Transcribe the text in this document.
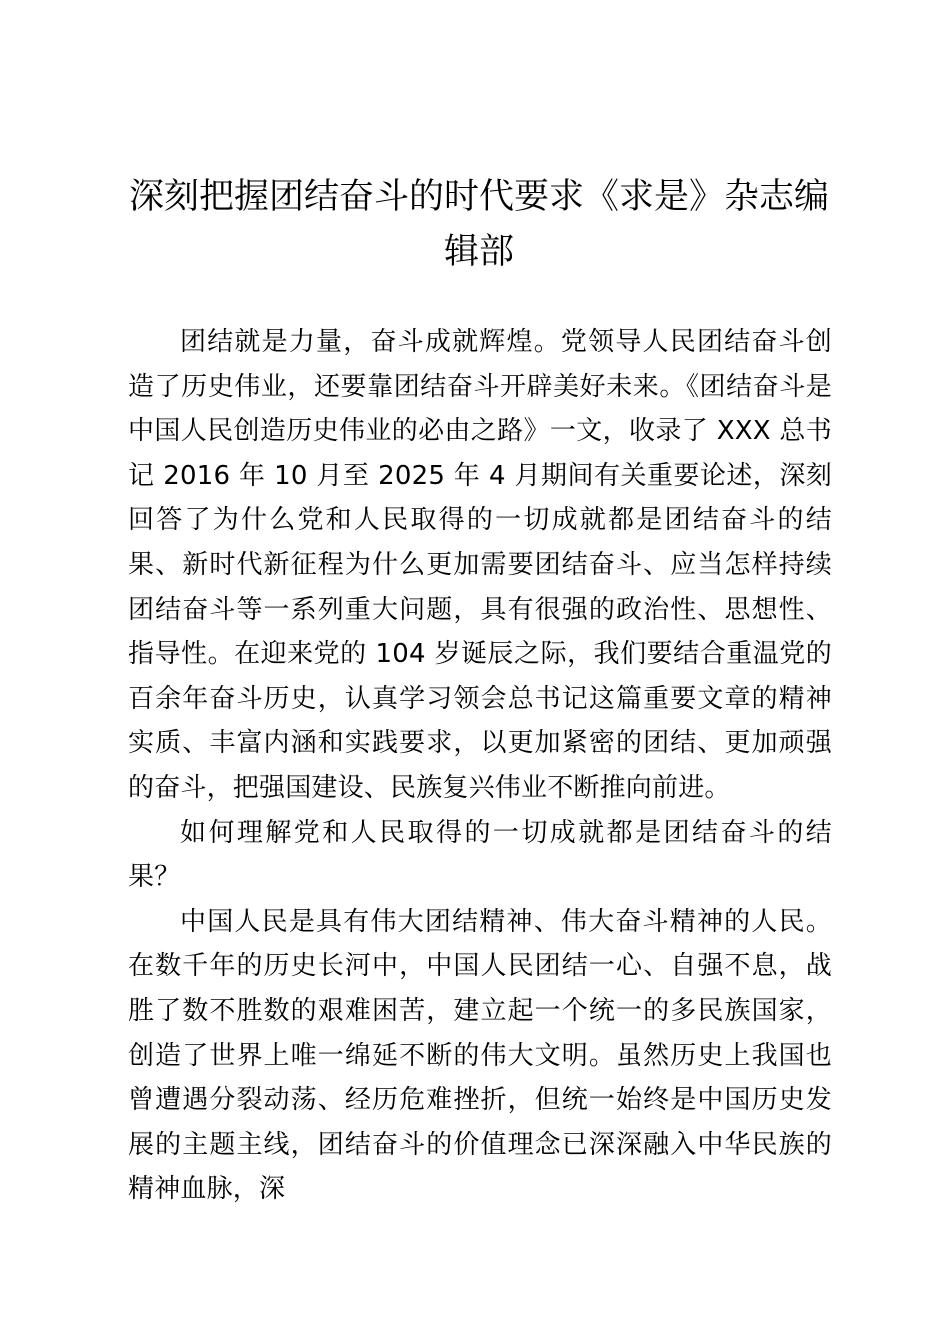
深刻把握团结奋斗的时代要求《求是》杂志编辑部

团结就是力量，奋斗成就辉煌。党领导人民团结奋斗创造了历史伟业，还要靠团结奋斗开辟美好未来。《团结奋斗是中国人民创造历史伟业的必由之路》一文，收录了 XXX 总书记 2016 年 10 月至 2025 年 4 月期间有关重要论述，深刻回答了为什么党和人民取得的一切成就都是团结奋斗的结果、新时代新征程为什么更加需要团结奋斗、应当怎样持续团结奋斗等一系列重大问题，具有很强的政治性、思想性、指导性。在迎来党的 104 岁诞辰之际，我们要结合重温党的百余年奋斗历史，认真学习领会总书记这篇重要文章的精神实质、丰富内涵和实践要求，以更加紧密的团结、更加顽强的奋斗，把强国建设、民族复兴伟业不断推向前进。

如何理解党和人民取得的一切成就都是团结奋斗的结果？

中国人民是具有伟大团结精神、伟大奋斗精神的人民。在数千年的历史长河中，中国人民团结一心、自强不息，战胜了数不胜数的艰难困苦，建立起一个统一的多民族国家，创造了世界上唯一绵延不断的伟大文明。虽然历史上我国也曾遭遇分裂动荡、经历危难挫折，但统一始终是中国历史发展的主题主线，团结奋斗的价值理念已深深融入中华民族的精神血脉，深
